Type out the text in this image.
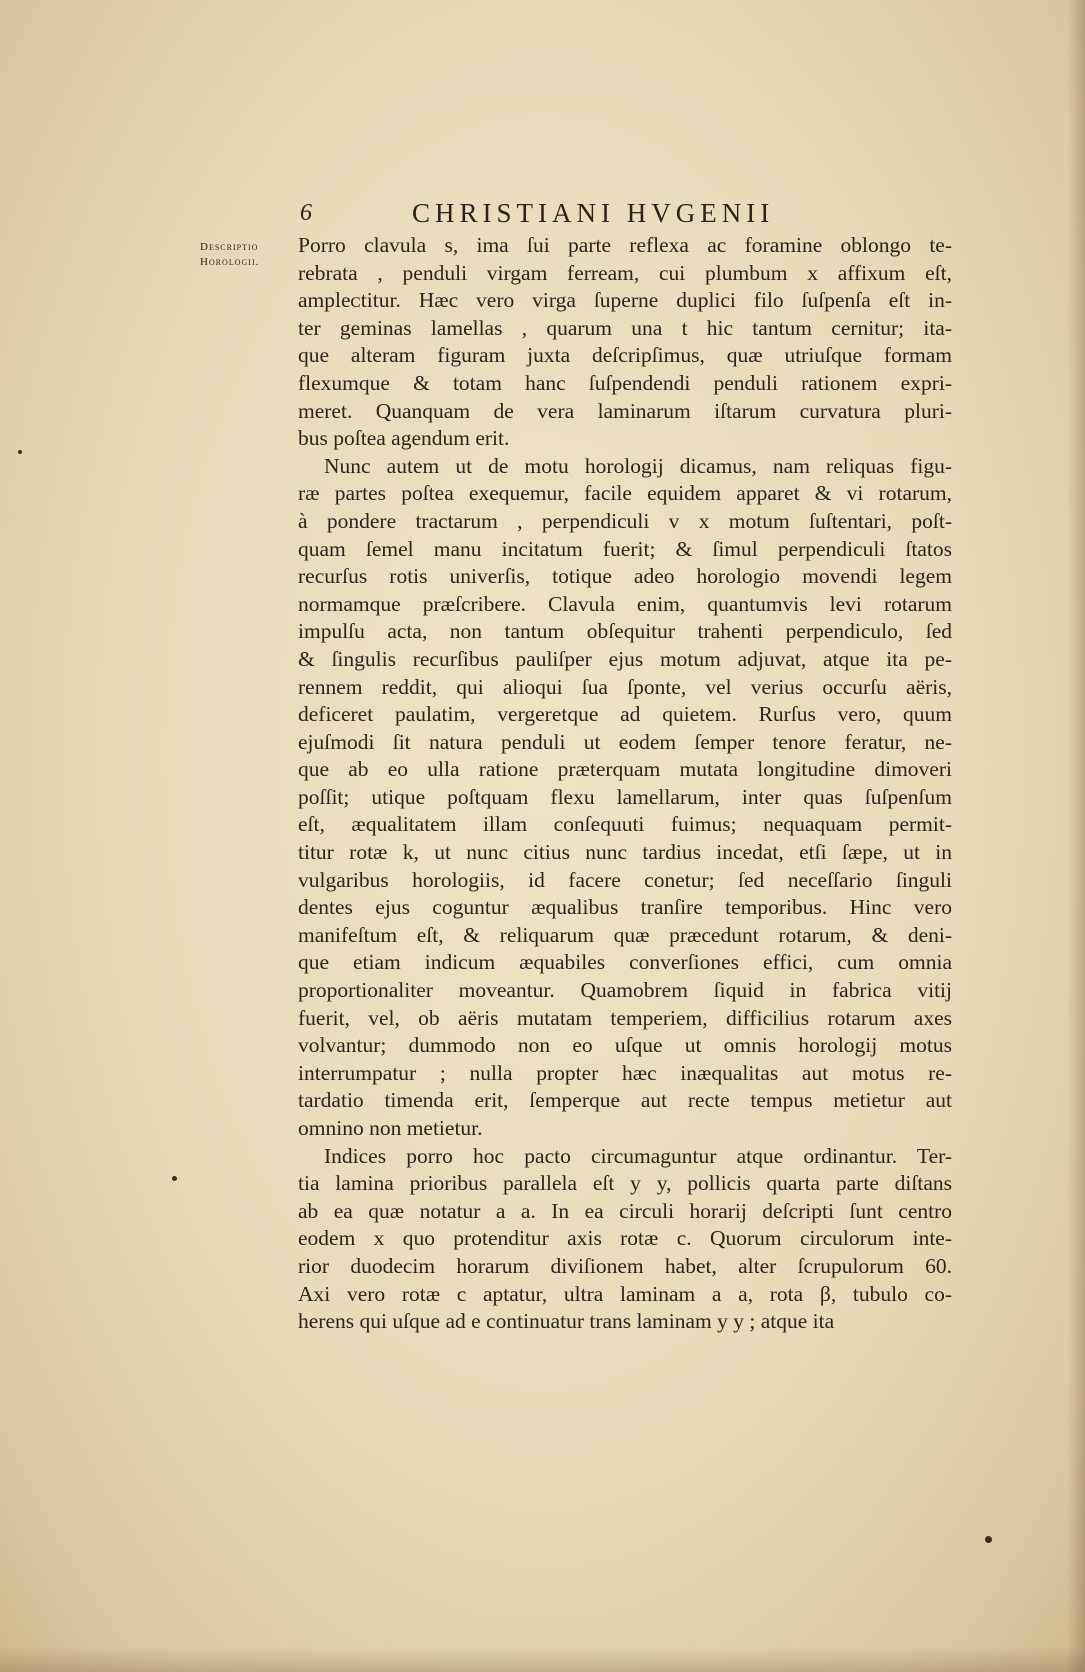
6	CHRISTIANI HVGENII
Descriptio
Horologii.
Porro clavula s, ima ſui parte reflexa ac foramine oblongo te-
rebrata , penduli virgam ferream, cui plumbum x affixum eſt,
ampleᴄtitur. Hæc vero virga ſuperne duplici filo ſuſpenſa eſt in-
ter geminas lamellas , quarum una t hic tantum cernitur; ita-
que alteram figuram juxta deſcripſimus, quæ utriuſque formam
flexumque & totam hanc ſuſpendendi penduli rationem expri-
meret. Quanquam de vera laminarum iſtarum curvatura pluri-
bus poſtea agendum erit.
Nunc autem ut de motu horologij dicamus, nam reliquas figu-
ræ partes poſtea exequemur, facile equidem apparet & vi rotarum,
à pondere tractarum , perpendiculi v x motum ſuſtentari, poſt-
quam ſemel manu incitatum fuerit; & ſimul perpendiculi ſtatos
recurſus rotis univerſis, totique adeo horologio movendi legem
normamque præſcribere. Clavula enim, quantumvis levi rotarum
impulſu acta, non tantum obſequitur trahenti perpendiculo, ſed
& ſingulis recurſibus pauliſper ejus motum adjuvat, atque ita pe-
rennem reddit, qui alioqui ſua ſponte, vel verius occurſu aëris,
deficeret paulatim, vergeretque ad quietem. Rurſus vero, quum
ejuſmodi ſit natura penduli ut eodem ſemper tenore feratur, ne-
que ab eo ulla ratione præterquam mutata longitudine dimoveri
poſſit; utique poſtquam flexu lamellarum, inter quas ſuſpenſum
eſt, æqualitatem illam conſequuti fuimus; nequaquam permit-
titur rotæ k, ut nunc citius nunc tardius incedat, etſi ſæpe, ut in
vulgaribus horologiis, id facere conetur; ſed neceſſario ſinguli
dentes ejus coguntur æqualibus tranſire temporibus. Hinc vero
manifeſtum eſt, & reliquarum quæ præcedunt rotarum, & deni-
que etiam indicum æquabiles converſiones effici, cum omnia
proportionaliter moveantur. Quamobrem ſiquid in fabrica vitij
fuerit, vel, ob aëris mutatam temperiem, difficilius rotarum axes
volvantur; dummodo non eo uſque ut omnis horologij motus
interrumpatur ; nulla propter hæc inæqualitas aut motus re-
tardatio timenda erit, ſemperque aut recte tempus metietur aut
omnino non metietur.
Indices porro hoc pacto circumaguntur atque ordinantur. Ter-
tia lamina prioribus parallela eſt y y, pollicis quarta parte diſtans
ab ea quæ notatur a a. In ea circuli horarij deſcripti ſunt centro
eodem x quo protenditur axis rotæ c. Quorum circulorum inte-
rior duodecim horarum diviſionem habet, alter ſcrupulorum 60.
Axi vero rotæ c aptatur, ultra laminam a a, rota β, tubulo co-
herens qui uſque ad e continuatur trans laminam y y ; atque ita
